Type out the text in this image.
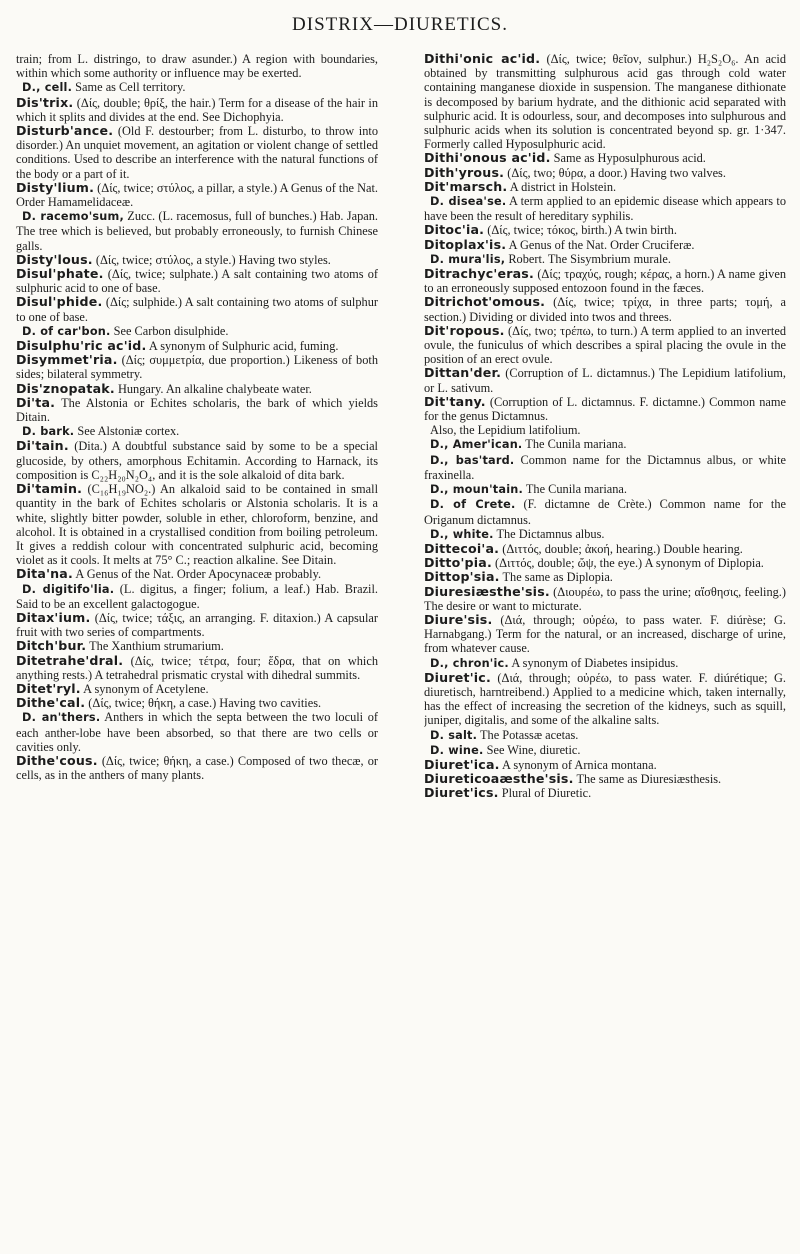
DISTRIX—DIURETICS.

train; from L. distringo, to draw asunder.) A region with boundaries, within which some authority or influence may be exerted.

D., cell. Same as Cell territory.

Dis'trix. (Δίς, double; θρίξ, the hair.) Term for a disease of the hair in which it splits and divides at the end. See Dichophyia.

Disturb'ance. (Old F. destourber; from L. disturbo, to throw into disorder.) An unquiet movement, an agitation or violent change of settled conditions. Used to describe an interference with the natural functions of the body or a part of it.

Disty'lium. (Δίς, twice; στύλος, a pillar, a style.) A Genus of the Nat. Order Hamamelidaceæ.

D. racemo'sum, Zucc. (L. racemosus, full of bunches.) Hab. Japan. The tree which is believed, but probably erroneously, to furnish Chinese galls.

Disty'lous. (Δίς, twice; στύλος, a style.) Having two styles.

Disul'phate. (Δίς, twice; sulphate.) A salt containing two atoms of sulphuric acid to one of base.

Disul'phide. (Δίς; sulphide.) A salt containing two atoms of sulphur to one of base.

D. of car'bon. See Carbon disulphide.

Disulphu'ric ac'id. A synonym of Sulphuric acid, fuming.

Disymmet'ria. (Δίς; συμμετρία, due proportion.) Likeness of both sides; bilateral symmetry.

Dis'znopatak. Hungary. An alkaline chalybeate water.

Di'ta. The Alstonia or Echites scholaris, the bark of which yields Ditain.

D. bark. See Alstoniæ cortex.

Di'tain. (Dita.) A doubtful substance said by some to be a special glucoside, by others, amorphous Echitamin. According to Harnack, its composition is C₂₂H₂₀N₂O₄, and it is the sole alkaloid of dita bark.

Di'tamin. (C₁₆H₁₉NO₂.) An alkaloid said to be contained in small quantity in the bark of Echites scholaris or Alstonia scholaris. It is a white, slightly bitter powder, soluble in ether, chloroform, benzine, and alcohol. It is obtained in a crystallised condition from boiling petroleum. It gives a reddish colour with concentrated sulphuric acid, becoming violet as it cools. It melts at 75° C.; reaction alkaline. See Ditain.

Dita'na. A Genus of the Nat. Order Apocynaceæ probably.

D. digitifo'lia. (L. digitus, a finger; folium, a leaf.) Hab. Brazil. Said to be an excellent galactogogue.

Ditax'ium. (Δίς, twice; τάξις, an arranging. F. ditaxion.) A capsular fruit with two series of compartments.

Ditch'bur. The Xanthium strumarium.

Ditetrahe'dral. (Δίς, twice; τέτρα, four; ἕδρα, that on which anything rests.) A tetrahedral prismatic crystal with dihedral summits.

Ditet'ryl. A synonym of Acetylene.

Dithe'cal. (Δίς, twice; θήκη, a case.) Having two cavities.

D. an'thers. Anthers in which the septa between the two loculi of each anther-lobe have been absorbed, so that there are two cells or cavities only.

Dithe'cous. (Δίς, twice; θήκη, a case.) Composed of two thecæ, or cells, as in the anthers of many plants.

Dithi'onic ac'id. (Δίς, twice; θεῖον, sulphur.) H₂S₂O₆. An acid obtained by transmitting sulphurous acid gas through cold water containing manganese dioxide in suspension. The manganese dithionate is decomposed by barium hydrate, and the dithionic acid separated with sulphuric acid. It is odourless, sour, and decomposes into sulphurous and sulphuric acids when its solution is concentrated beyond sp. gr. 1·347. Formerly called Hyposulphuric acid.

Dithi'onous ac'id. Same as Hyposulphurous acid.

Dith'yrous. (Δίς, two; θύρα, a door.) Having two valves.

Dit'marsch. A district in Holstein.

D. disea'se. A term applied to an epidemic disease which appears to have been the result of hereditary syphilis.

Ditoc'ia. (Δίς, twice; τόκος, birth.) A twin birth.

Ditoplax'is. A Genus of the Nat. Order Cruciferæ.

D. mura'lis, Robert. The Sisymbrium murale.

Ditrachyc'eras. (Δίς; τραχύς, rough; κέρας, a horn.) A name given to an erroneously supposed entozoon found in the fæces.

Ditrichot'omous. (Δίς, twice; τρίχα, in three parts; τομή, a section.) Dividing or divided into twos and threes.

Dit'ropous. (Δίς, two; τρέπω, to turn.) A term applied to an inverted ovule, the funiculus of which describes a spiral placing the ovule in the position of an erect ovule.

Dittan'der. (Corruption of L. dictamnus.) The Lepidium latifolium, or L. sativum.

Dit'tany. (Corruption of L. dictamnus. F. dictamne.) Common name for the genus Dictamnus.

Also, the Lepidium latifolium.

D., Amer'ican. The Cunila mariana.

D., bas'tard. Common name for the Dictamnus albus, or white fraxinella.

D., moun'tain. The Cunila mariana.

D. of Crete. (F. dictamne de Crète.) Common name for the Origanum dictamnus.

D., white. The Dictamnus albus.

Dittecoi'a. (Διττός, double; ἀκοή, hearing.) Double hearing.

Ditto'pia. (Διττός, double; ὤψ, the eye.) A synonym of Diplopia.

Dittop'sia. The same as Diplopia.

Diuresiæsthe'sis. (Διουρέω, to pass the urine; αἴσθησις, feeling.) The desire or want to micturate.

Diure'sis. (Διά, through; οὐρέω, to pass water. F. diúrèse; G. Harnabgang.) Term for the natural, or an increased, discharge of urine, from whatever cause.

D., chron'ic. A synonym of Diabetes insipidus.

Diuret'ic. (Διά, through; οὐρέω, to pass water. F. diúrétique; G. diuretisch, harntreibend.) Applied to a medicine which, taken internally, has the effect of increasing the secretion of the kidneys, such as squill, juniper, digitalis, and some of the alkaline salts.

D. salt. The Potassæ acetas.

D. wine. See Wine, diuretic.

Diuret'ica. A synonym of Arnica montana.

Diureticoaæsthe'sis. The same as Diuresiæsthesis.

Diuret'ics. Plural of Diuretic.
